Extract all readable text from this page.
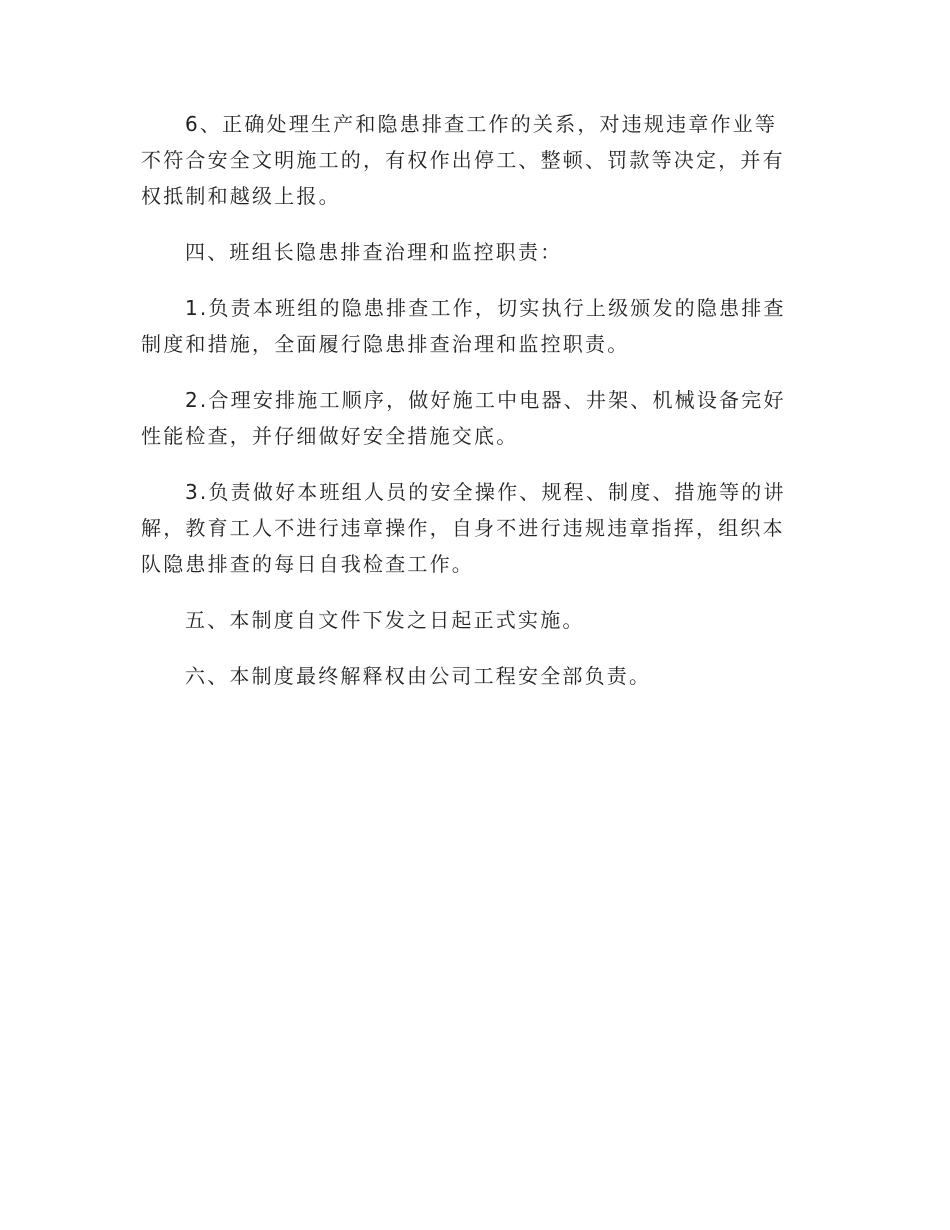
6、正确处理生产和隐患排查工作的关系，对违规违章作业等不符合安全文明施工的，有权作出停工、整顿、罚款等决定，并有权抵制和越级上报。

四、班组长隐患排查治理和监控职责：

1.负责本班组的隐患排查工作，切实执行上级颁发的隐患排查制度和措施，全面履行隐患排查治理和监控职责。

2.合理安排施工顺序，做好施工中电器、井架、机械设备完好性能检查，并仔细做好安全措施交底。

3.负责做好本班组人员的安全操作、规程、制度、措施等的讲解，教育工人不进行违章操作，自身不进行违规违章指挥，组织本队隐患排查的每日自我检查工作。

五、本制度自文件下发之日起正式实施。

六、本制度最终解释权由公司工程安全部负责。
